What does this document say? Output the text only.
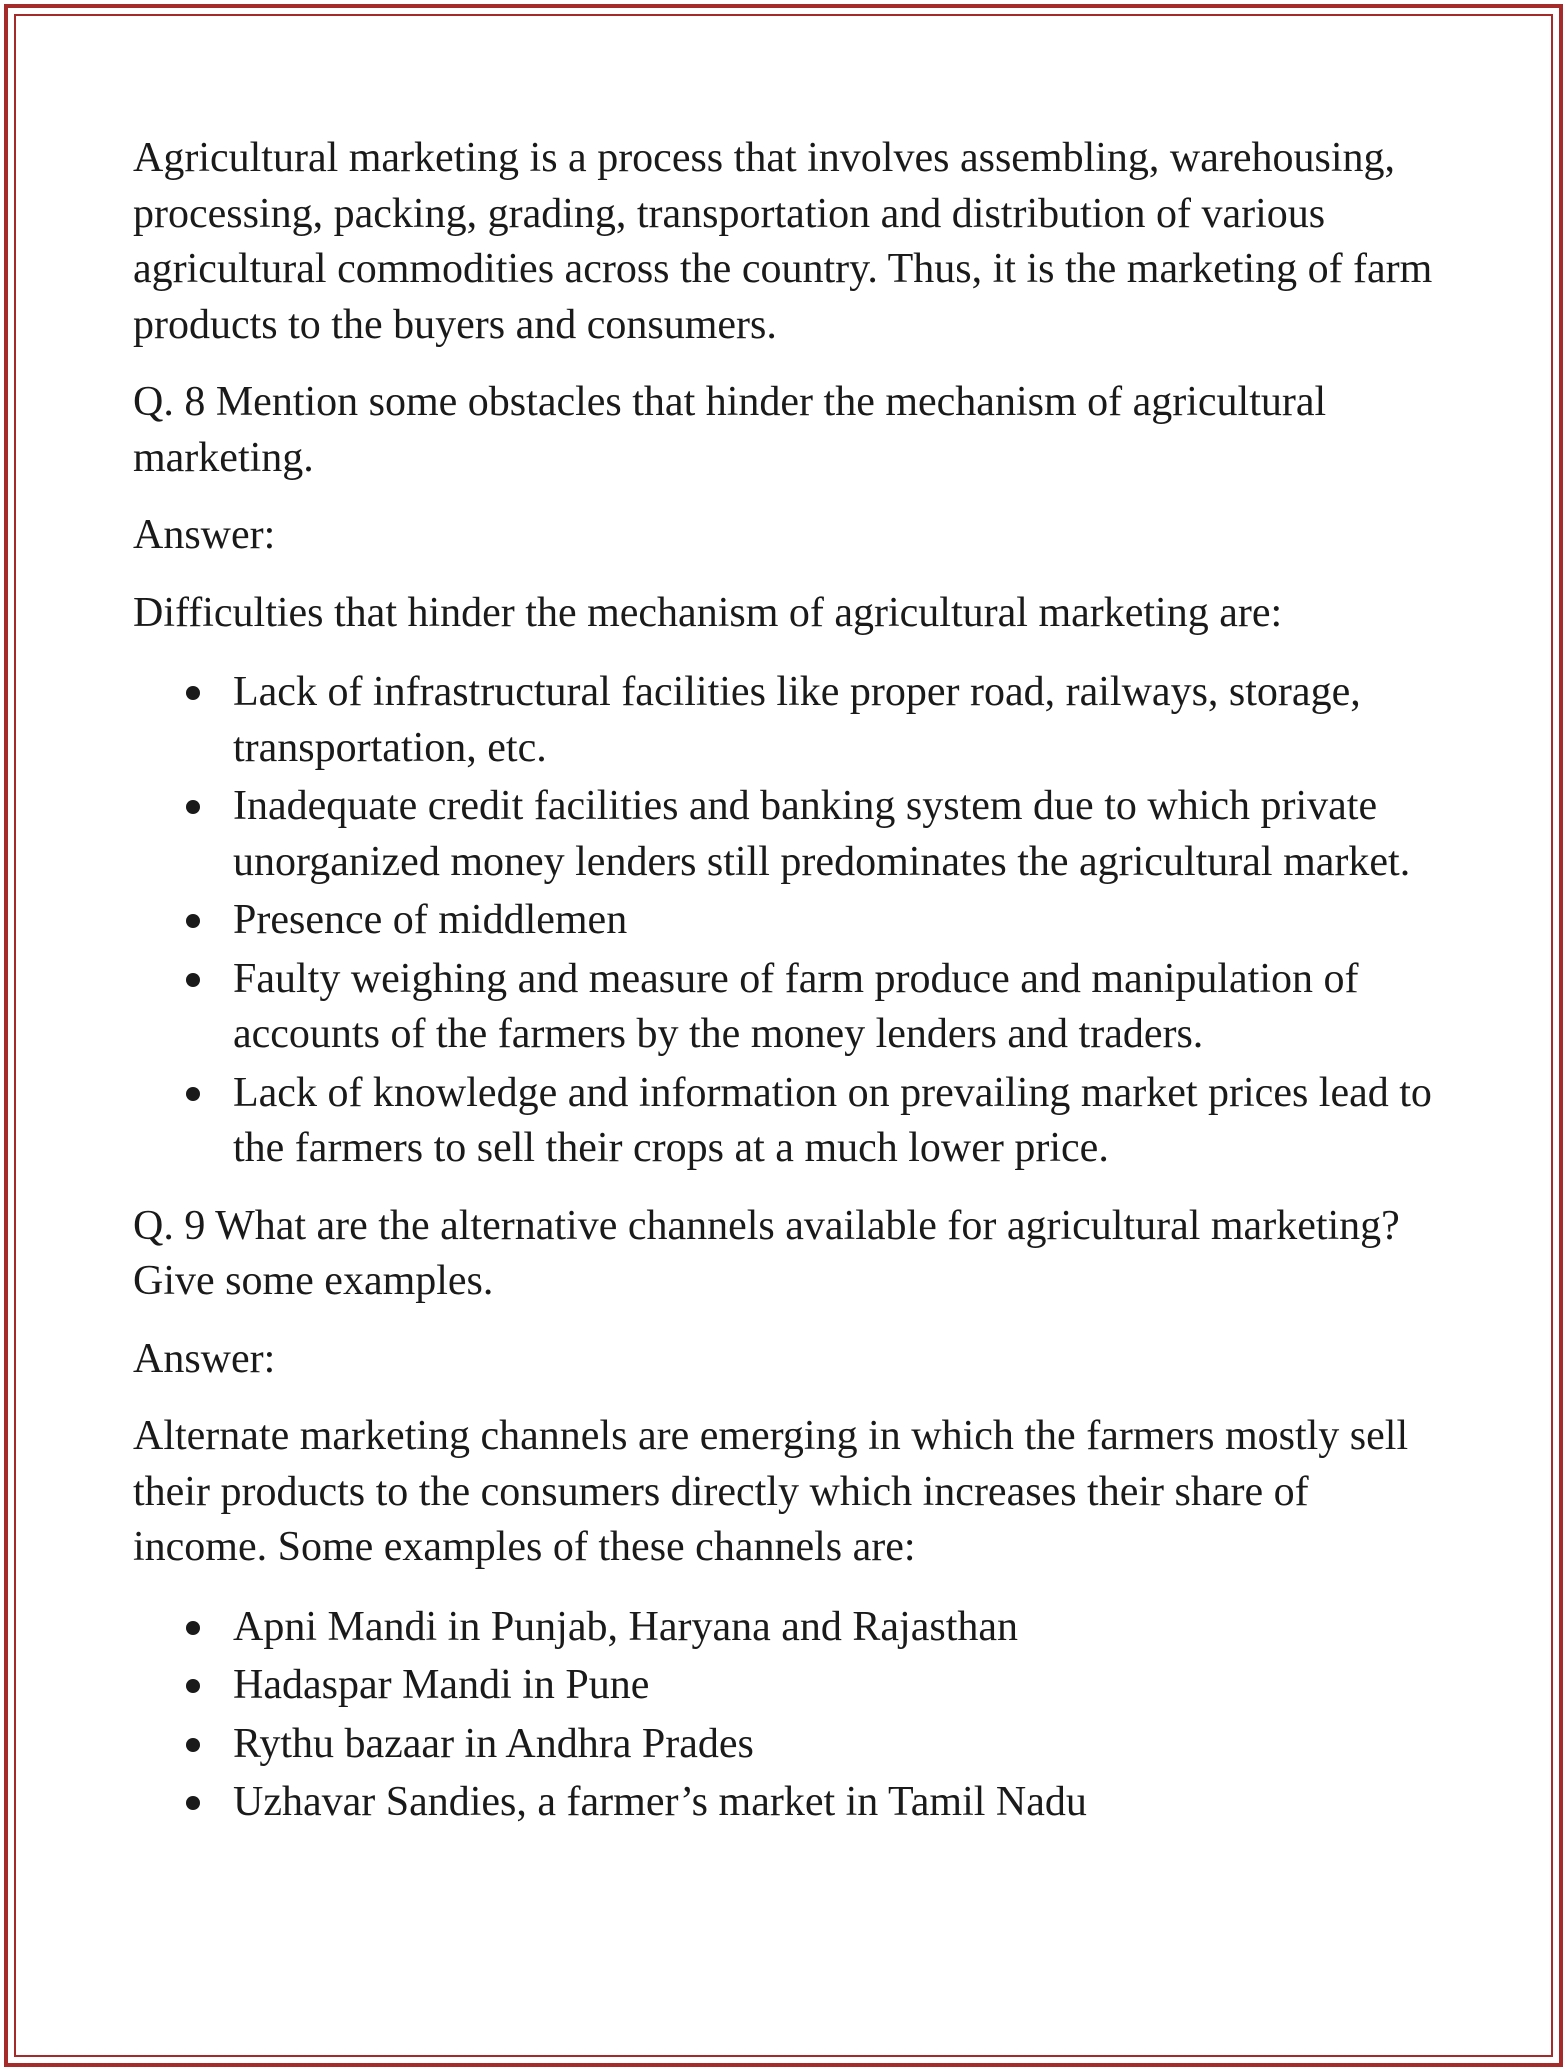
Agricultural marketing is a process that involves assembling, warehousing, processing, packing, grading, transportation and distribution of various agricultural commodities across the country. Thus, it is the marketing of farm products to the buyers and consumers.

Q. 8 Mention some obstacles that hinder the mechanism of agricultural marketing.

Answer:

Difficulties that hinder the mechanism of agricultural marketing are:

Lack of infrastructural facilities like proper road, railways, storage, transportation, etc.
Inadequate credit facilities and banking system due to which private unorganized money lenders still predominates the agricultural market.
Presence of middlemen
Faulty weighing and measure of farm produce and manipulation of accounts of the farmers by the money lenders and traders.
Lack of knowledge and information on prevailing market prices lead to the farmers to sell their crops at a much lower price.

Q. 9 What are the alternative channels available for agricultural marketing? Give some examples.

Answer:

Alternate marketing channels are emerging in which the farmers mostly sell their products to the consumers directly which increases their share of income. Some examples of these channels are:

Apni Mandi in Punjab, Haryana and Rajasthan
Hadaspar Mandi in Pune
Rythu bazaar in Andhra Prades
Uzhavar Sandies, a farmer’s market in Tamil Nadu
